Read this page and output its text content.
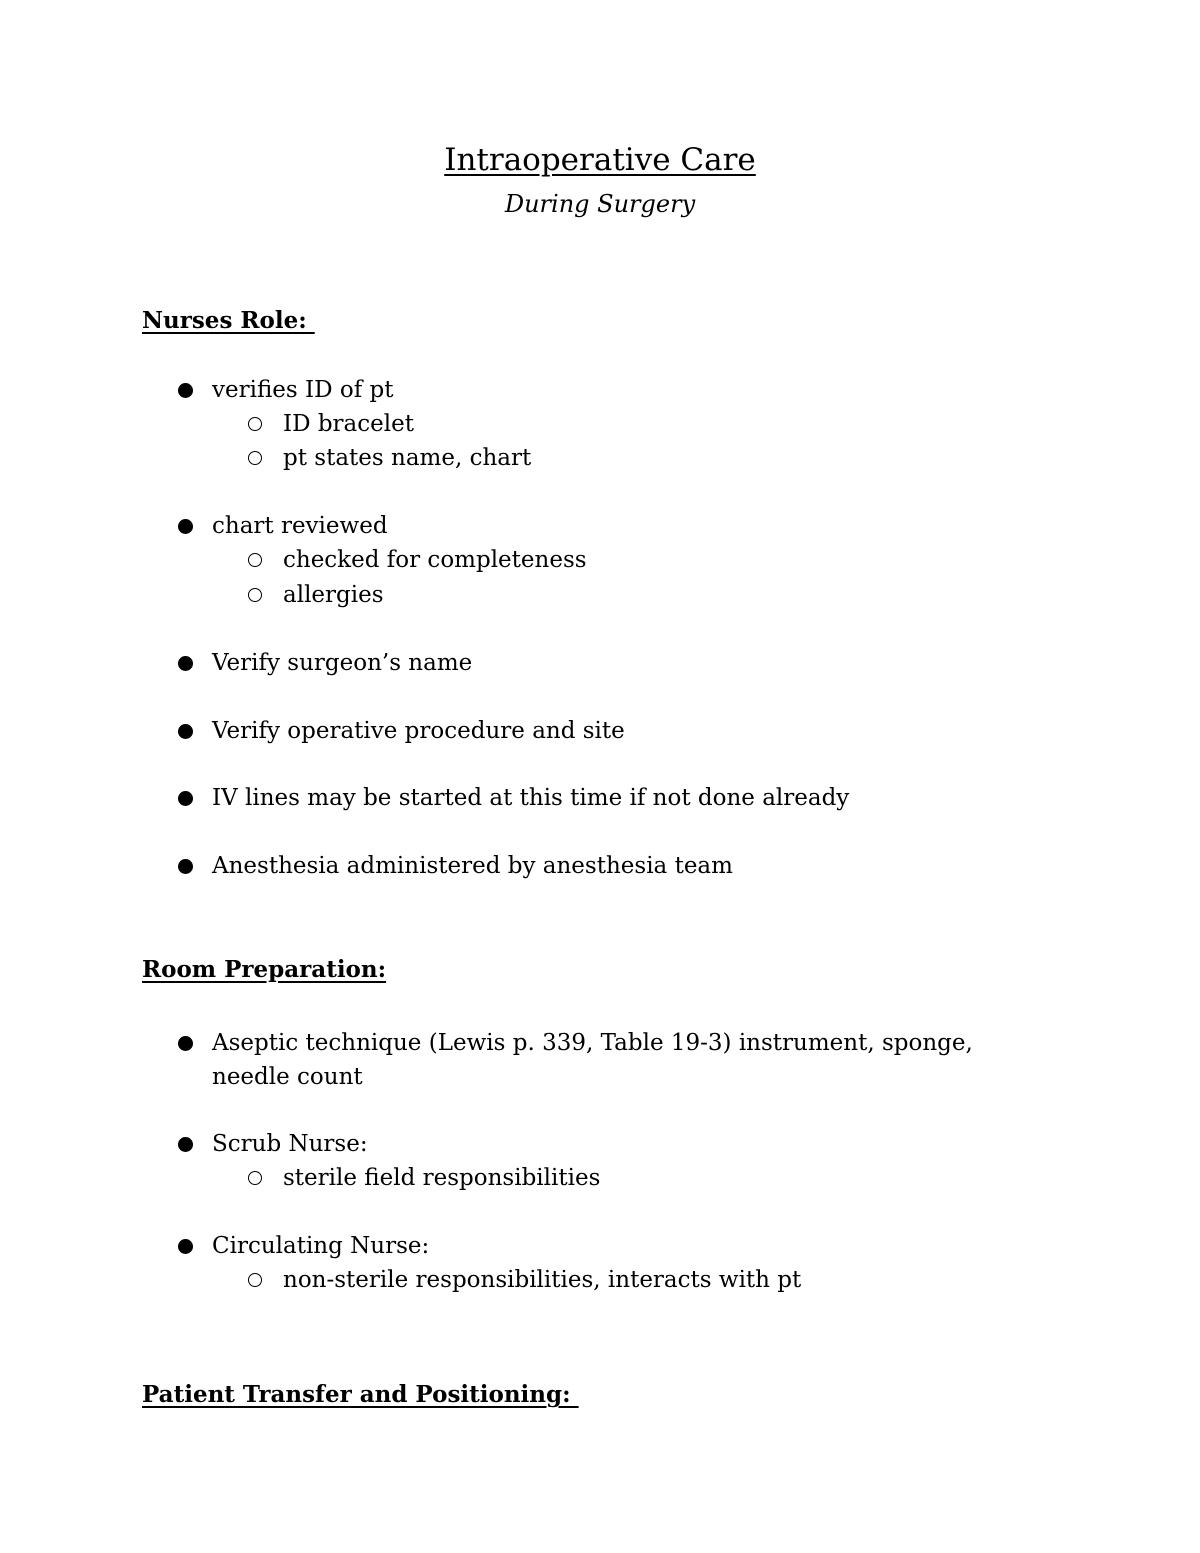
Intraoperative Care
During Surgery
Nurses Role:
verifies ID of pt
ID bracelet
pt states name, chart
chart reviewed
checked for completeness
allergies
Verify surgeon’s name
Verify operative procedure and site
IV lines may be started at this time if not done already
Anesthesia administered by anesthesia team
Room Preparation:
Aseptic technique (Lewis p. 339, Table 19-3) instrument, sponge,
needle count
Scrub Nurse:
sterile field responsibilities
Circulating Nurse:
non-sterile responsibilities, interacts with pt
Patient Transfer and Positioning:
